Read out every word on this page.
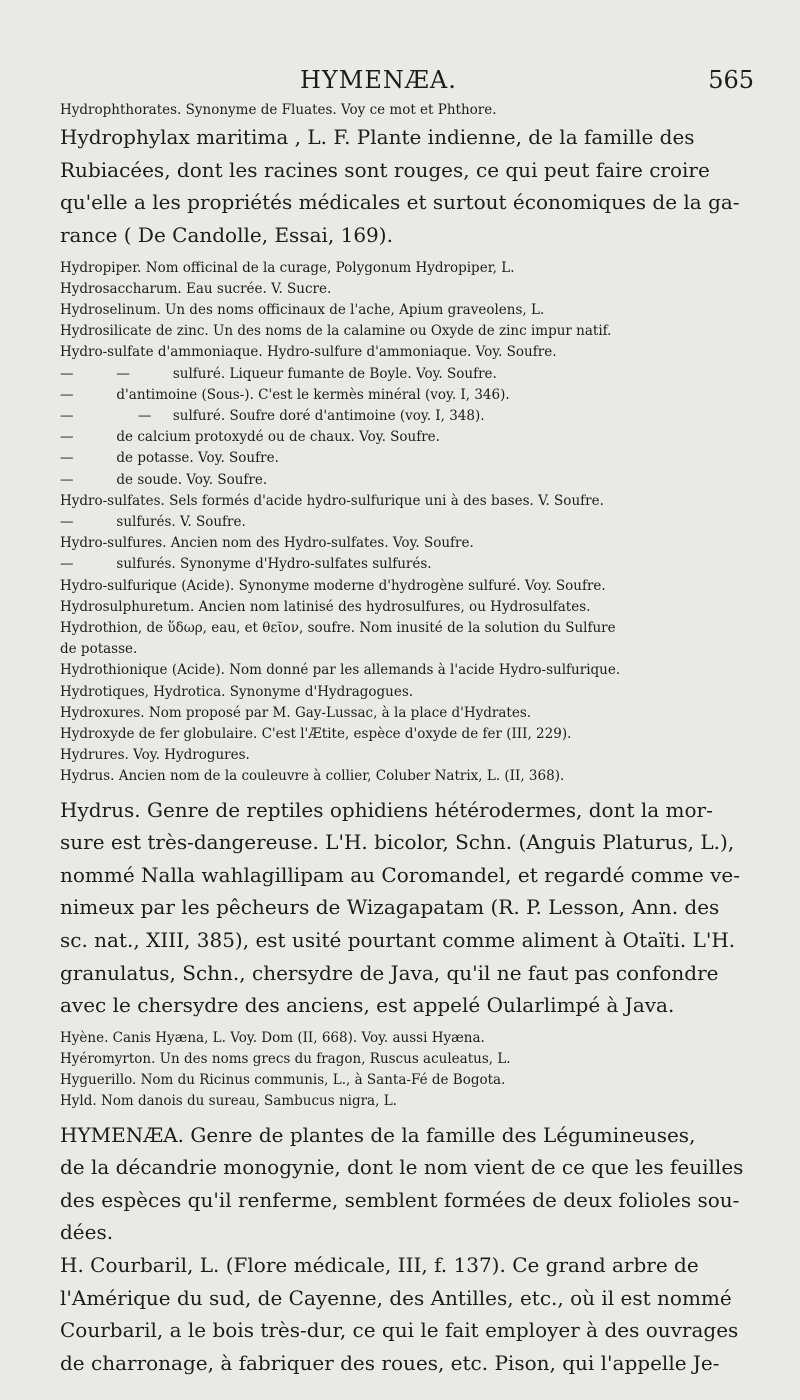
HYMENÆA.	565
Hydrophthorates. Synonyme de Fluates. Voy ce mot et Phthore.
Hydrophylax maritima , L. F. Plante indienne, de la famille des
Rubiacées, dont les racines sont rouges, ce qui peut faire croire
qu'elle a les propriétés médicales et surtout économiques de la ga-
rance ( De Candolle, Essai, 169).
Hydropiper. Nom officinal de la curage, Polygonum Hydropiper, L.
Hydrosaccharum. Eau sucrée. V. Sucre.
Hydroselinum. Un des noms officinaux de l'ache, Apium graveolens, L.
Hydrosilicate de zinc. Un des noms de la calamine ou Oxyde de zinc impur natif.
Hydro-sulfate d'ammoniaque. Hydro-sulfure d'ammoniaque. Voy. Soufre.
—          —          sulfuré. Liqueur fumante de Boyle. Voy. Soufre.
—          d'antimoine (Sous-). C'est le kermès minéral (voy. I, 346).
—               —     sulfuré. Soufre doré d'antimoine (voy. I, 348).
—          de calcium protoxydé ou de chaux. Voy. Soufre.
—          de potasse. Voy. Soufre.
—          de soude. Voy. Soufre.
Hydro-sulfates. Sels formés d'acide hydro-sulfurique uni à des bases. V. Soufre.
—          sulfurés. V. Soufre.
Hydro-sulfures. Ancien nom des Hydro-sulfates. Voy. Soufre.
—          sulfurés. Synonyme d'Hydro-sulfates sulfurés.
Hydro-sulfurique (Acide). Synonyme moderne d'hydrogène sulfuré. Voy. Soufre.
Hydrosulphuretum. Ancien nom latinisé des hydrosulfures, ou Hydrosulfates.
Hydrothion, de ὕδωρ, eau, et θεῖον, soufre. Nom inusité de la solution du Sulfure
de potasse.
Hydrothionique (Acide). Nom donné par les allemands à l'acide Hydro-sulfurique.
Hydrotiques, Hydrotica. Synonyme d'Hydragogues.
Hydroxures. Nom proposé par M. Gay-Lussac, à la place d'Hydrates.
Hydroxyde de fer globulaire. C'est l'Ætite, espèce d'oxyde de fer (III, 229).
Hydrures. Voy. Hydrogures.
Hydrus. Ancien nom de la couleuvre à collier, Coluber Natrix, L. (II, 368).
Hydrus. Genre de reptiles ophidiens hétérodermes, dont la mor-
sure est très-dangereuse. L'H. bicolor, Schn. (Anguis Platurus, L.),
nommé Nalla wahlagillipam au Coromandel, et regardé comme ve-
nimeux par les pêcheurs de Wizagapatam (R. P. Lesson, Ann. des
sc. nat., XIII, 385), est usité pourtant comme aliment à Otaïti. L'H.
granulatus, Schn., chersydre de Java, qu'il ne faut pas confondre
avec le chersydre des anciens, est appelé Oularlimpé à Java.
Hyène. Canis Hyæna, L. Voy. Dom (II, 668). Voy. aussi Hyæna.
Hyéromyrton. Un des noms grecs du fragon, Ruscus aculeatus, L.
Hyguerillo. Nom du Ricinus communis, L., à Santa-Fé de Bogota.
Hyld. Nom danois du sureau, Sambucus nigra, L.
HYMENÆA. Genre de plantes de la famille des Légumineuses,
de la décandrie monogynie, dont le nom vient de ce que les feuilles
des espèces qu'il renferme, semblent formées de deux folioles sou-
dées.
H. Courbaril, L. (Flore médicale, III, f. 137). Ce grand arbre de
l'Amérique du sud, de Cayenne, des Antilles, etc., où il est nommé
Courbaril, a le bois très-dur, ce qui le fait employer à des ouvrages
de charronage, à fabriquer des roues, etc. Pison, qui l'appelle Je-
